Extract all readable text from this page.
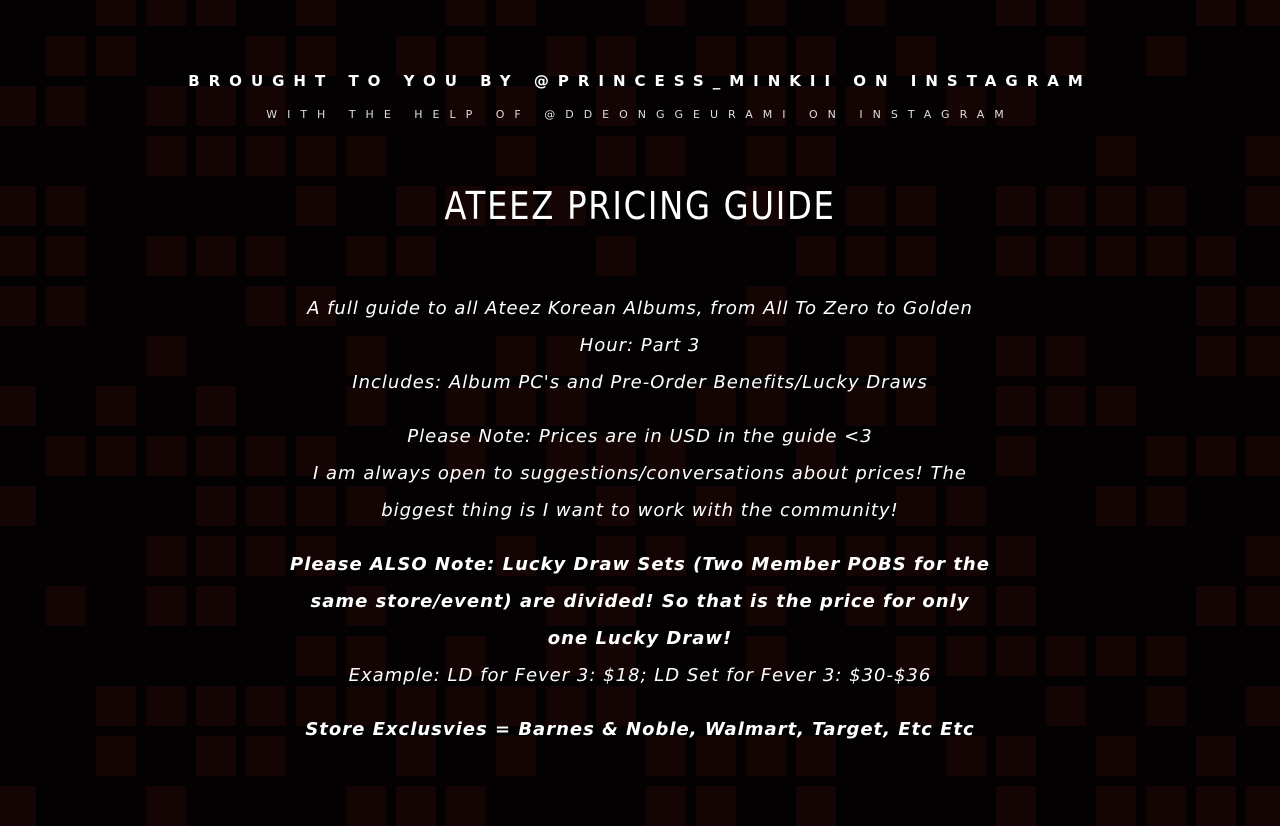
BROUGHT TO YOU BY @PRINCESS_MINKII ON INSTAGRAM
WITH THE HELP OF @DDEONGGEURAMI ON INSTAGRAM
ATEEZ PRICING GUIDE

A full guide to all Ateez Korean Albums, from All To Zero to Golden Hour: Part 3
Includes: Album PC's and Pre-Order Benefits/Lucky Draws

Please Note: Prices are in USD in the guide <3
I am always open to suggestions/conversations about prices! The biggest thing is I want to work with the community!

Please ALSO Note: Lucky Draw Sets (Two Member POBS for the same store/event) are divided! So that is the price for only one Lucky Draw!
Example: LD for Fever 3: $18; LD Set for Fever 3: $30-$36

Store Exclusvies = Barnes & Noble, Walmart, Target, Etc Etc
